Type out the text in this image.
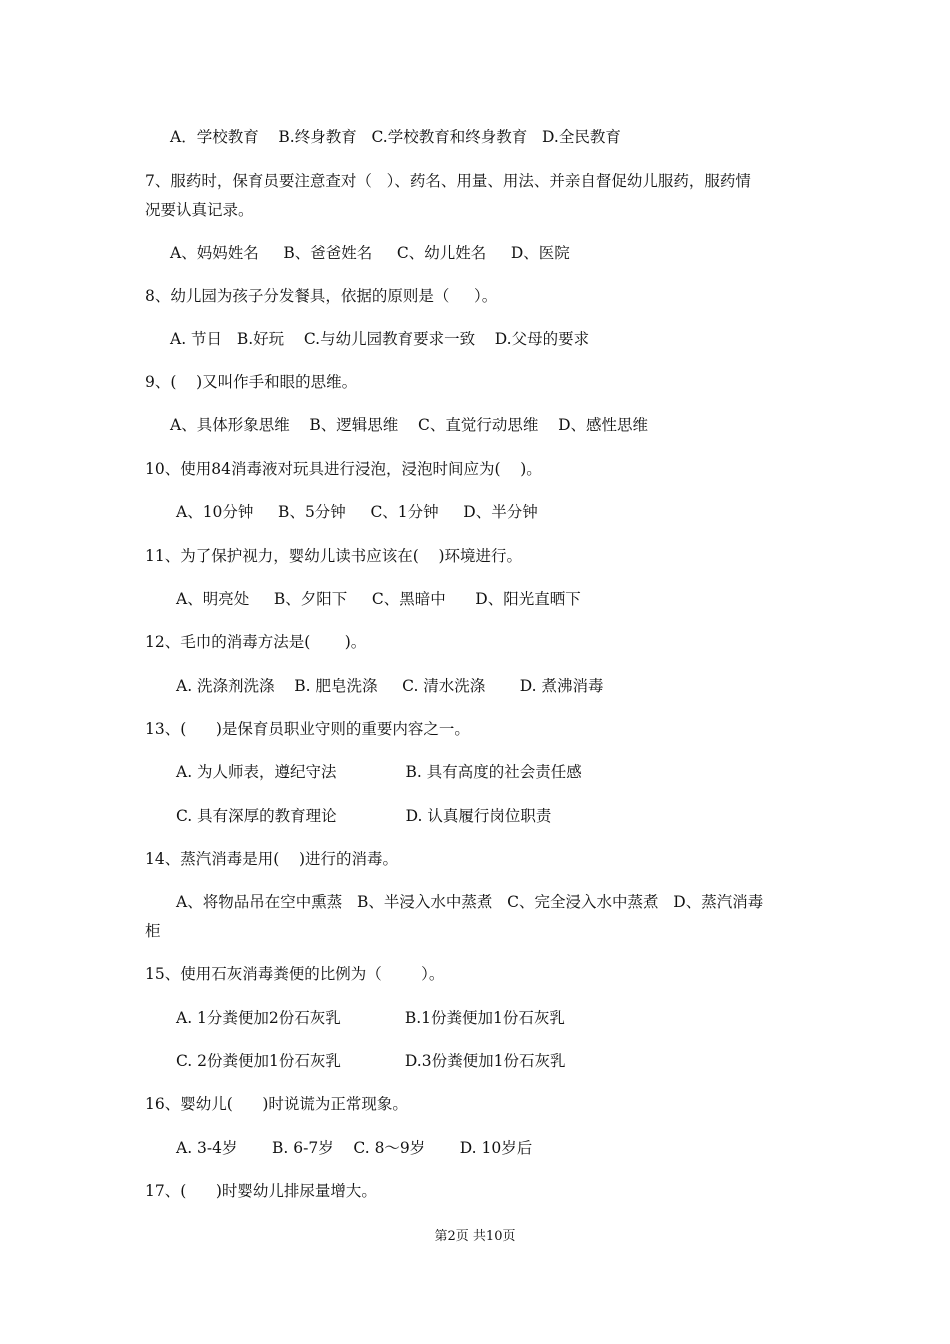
A．学校教育    B.终身教育   C.学校教育和终身教育   D.全民教育
7、服药时，保育员要注意查对（   ）、药名、用量、用法、并亲自督促幼儿服药，服药情
况要认真记录。
A、妈妈姓名     B、爸爸姓名     C、幼儿姓名     D、医院
8、幼儿园为孩子分发餐具，依据的原则是（     ）。
A. 节日   B.好玩    C.与幼儿园教育要求一致    D.父母的要求
9、(    )又叫作手和眼的思维。
A、具体形象思维    B、逻辑思维    C、直觉行动思维    D、感性思维
10、使用84消毒液对玩具进行浸泡，浸泡时间应为(    )。
A、10分钟     B、5分钟     C、1分钟     D、半分钟
11、为了保护视力，婴幼儿读书应该在(    )环境进行。
A、明亮处     B、夕阳下     C、黑暗中      D、阳光直晒下
12、毛巾的消毒方法是(       )。
A. 洗涤剂洗涤    B. 肥皂洗涤     C. 清水洗涤       D. 煮沸消毒
13、(      )是保育员职业守则的重要内容之一。
A. 为人师表，遵纪守法              B. 具有高度的社会责任感
C. 具有深厚的教育理论              D. 认真履行岗位职责
14、蒸汽消毒是用(    )进行的消毒。
A、将物品吊在空中熏蒸   B、半浸入水中蒸煮   C、完全浸入水中蒸煮   D、蒸汽消毒
柜
15、使用石灰消毒粪便的比例为（        ）。
A. 1分粪便加2份石灰乳             B.1份粪便加1份石灰乳
C. 2份粪便加1份石灰乳             D.3份粪便加1份石灰乳
16、婴幼儿(      )时说谎为正常现象。
A. 3-4岁       B. 6-7岁    C. 8～9岁       D. 10岁后
17、(      )时婴幼儿排尿量增大。
第2页 共10页
